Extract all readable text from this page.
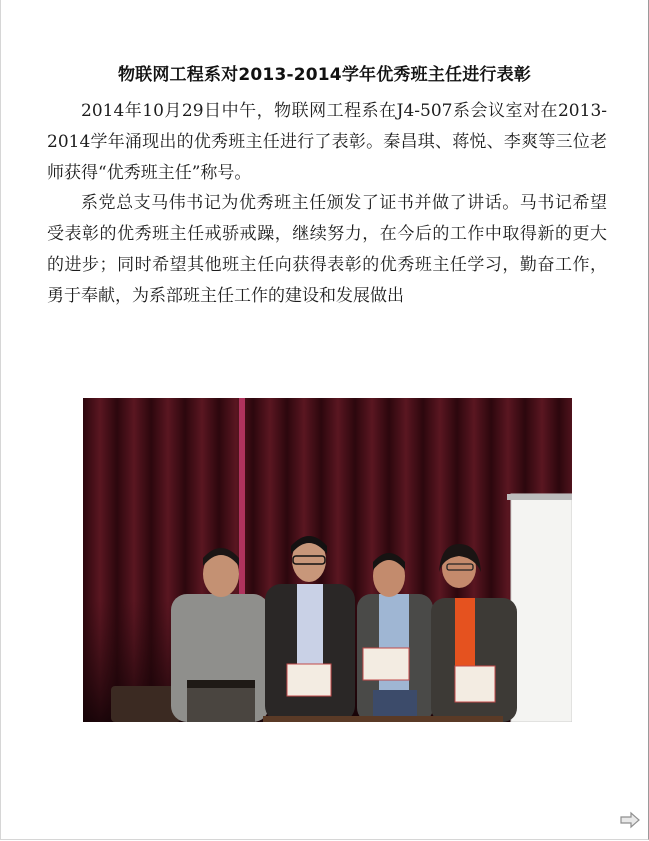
物联网工程系对2013-2014学年优秀班主任进行表彰

2014年10月29日中午，物联网工程系在J4-507系会议室对在2013-2014学年涌现出的优秀班主任进行了表彰。秦昌琪、蒋悦、李爽等三位老师获得“优秀班主任”称号。

系党总支马伟书记为优秀班主任颁发了证书并做了讲话。马书记希望受表彰的优秀班主任戒骄戒躁，继续努力，在今后的工作中取得新的更大的进步；同时希望其他班主任向获得表彰的优秀班主任学习，勤奋工作，勇于奉献，为系部班主任工作的建设和发展做出
